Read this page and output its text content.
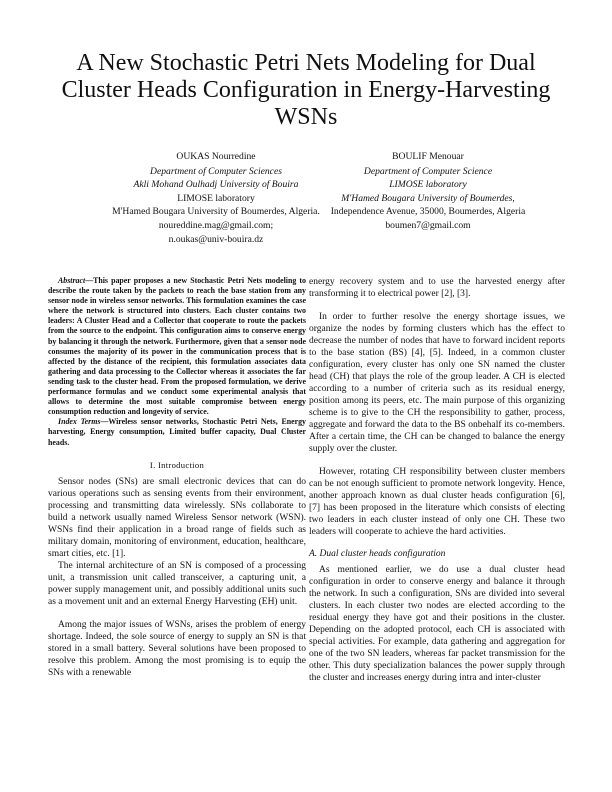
A New Stochastic Petri Nets Modeling for Dual Cluster Heads Configuration in Energy-Harvesting WSNs
OUKAS Nourredine
Department of Computer Sciences
Akli Mohand Oulhadj University of Bouira
LIMOSE laboratory
M'Hamed Bougara University of Boumerdes, Algeria.
noureddine.mag@gmail.com;
n.oukas@univ-bouira.dz
BOULIF Menouar
Department of Computer Science
LIMOSE laboratory
M'Hamed Bougara University of Boumerdes,
Independence Avenue, 35000, Boumerdes, Algeria
boumen7@gmail.com

Abstract—This paper proposes a new Stochastic Petri Nets modeling to describe the route taken by the packets to reach the base station from any sensor node in wireless sensor networks. This formulation examines the case where the network is structured into clusters. Each cluster contains two leaders: A Cluster Head and a Collector that cooperate to route the packets from the source to the endpoint. This configuration aims to conserve energy by balancing it through the network. Furthermore, given that a sensor node consumes the majority of its power in the communication process that is affected by the distance of the recipient, this formulation associates data gathering and data processing to the Collector whereas it associates the far sending task to the cluster head. From the proposed formulation, we derive performance formulas and we conduct some experimental analysis that allows to determine the most suitable compromise between energy consumption reduction and longevity of service.

Index Terms—Wireless sensor networks, Stochastic Petri Nets, Energy harvesting, Energy consumption, Limited buffer capacity, Dual Cluster heads.

I. Introduction

Sensor nodes (SNs) are small electronic devices that can do various operations such as sensing events from their environment, processing and transmitting data wirelessly. SNs collaborate to build a network usually named Wireless Sensor network (WSN). WSNs find their application in a broad range of fields such as military domain, monitoring of environment, education, healthcare, smart cities, etc. [1].

The internal architecture of an SN is composed of a processing unit, a transmission unit called transceiver, a capturing unit, a power supply management unit, and possibly additional units such as a movement unit and an external Energy Harvesting (EH) unit.

Among the major issues of WSNs, arises the problem of energy shortage. Indeed, the sole source of energy to supply an SN is that stored in a small battery. Several solutions have been proposed to resolve this problem. Among the most promising is to equip the SNs with a renewable

energy recovery system and to use the harvested energy after transforming it to electrical power [2], [3].

In order to further resolve the energy shortage issues, we organize the nodes by forming clusters which has the effect to decrease the number of nodes that have to forward incident reports to the base station (BS) [4], [5]. Indeed, in a common cluster configuration, every cluster has only one SN named the cluster head (CH) that plays the role of the group leader. A CH is elected according to a number of criteria such as its residual energy, position among its peers, etc. The main purpose of this organizing scheme is to give to the CH the responsibility to gather, process, aggregate and forward the data to the BS onbehalf its co-members. After a certain time, the CH can be changed to balance the energy supply over the cluster.

However, rotating CH responsibility between cluster members can be not enough sufficient to promote network longevity. Hence, another approach known as dual cluster heads configuration [6], [7] has been proposed in the literature which consists of electing two leaders in each cluster instead of only one CH. These two leaders will cooperate to achieve the hard activities.

A. Dual cluster heads configuration

As mentioned earlier, we do use a dual cluster head configuration in order to conserve energy and balance it through the network. In such a configuration, SNs are divided into several clusters. In each cluster two nodes are elected according to the residual energy they have got and their positions in the cluster. Depending on the adopted protocol, each CH is associated with special activities. For example, data gathering and aggregation for one of the two SN leaders, whereas far packet transmission for the other. This duty specialization balances the power supply through the cluster and increases energy during intra and inter-cluster
